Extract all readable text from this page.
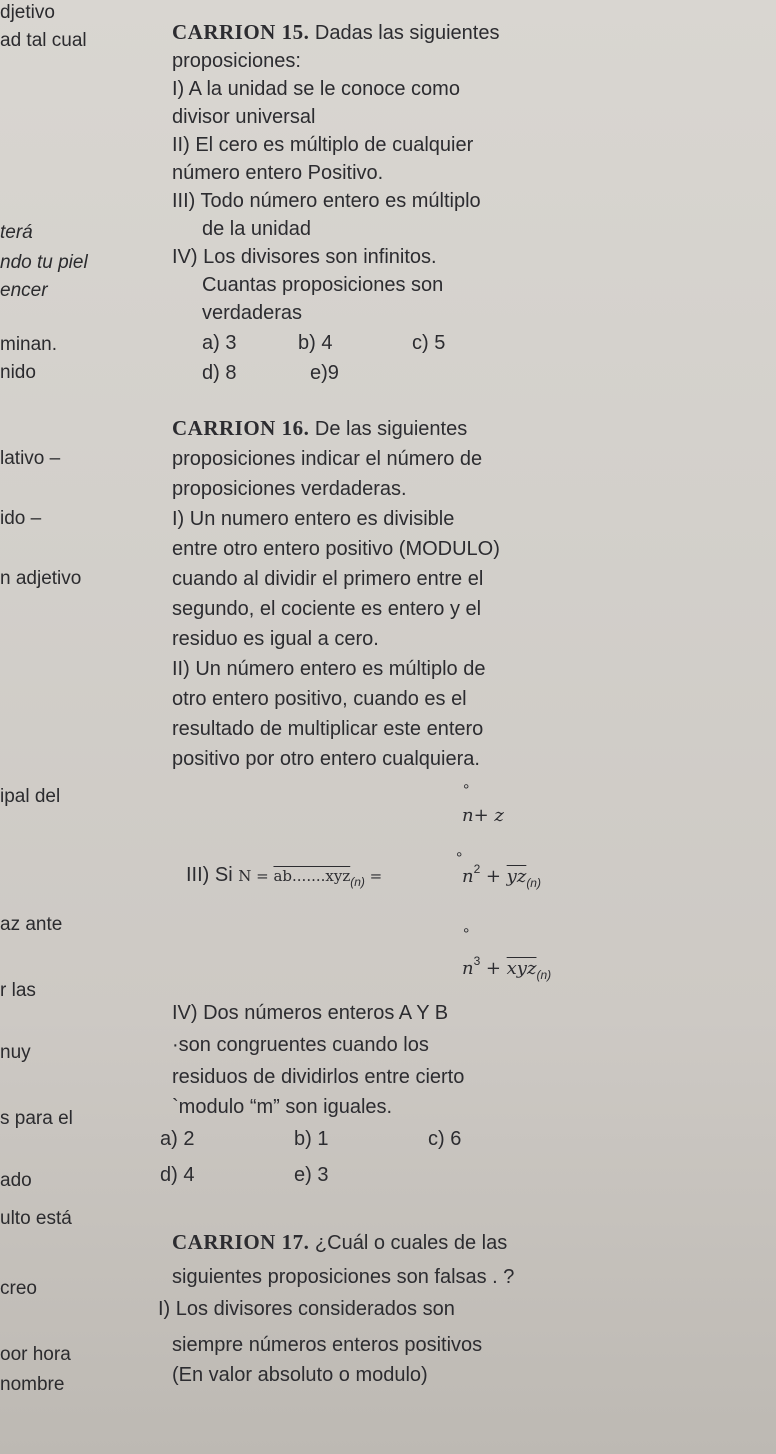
djetivo
ad tal cual
terá
ndo tu piel
encer
minan.
nido
lativo –
ido –
n adjetivo
ipal del
az ante
r las
nuy
s para el
ado
ulto está
creo
oor hora
nombre
CARRION 15. Dadas las siguientes
proposiciones:
I) A la unidad se le conoce como
divisor universal
II) El cero es múltiplo de cualquier
número entero Positivo.
III) Todo número entero es múltiplo
de la unidad
IV) Los divisores son infinitos.
Cuantas proposiciones son
verdaderas
a) 3	b) 4	c) 5
d) 8	e)9
CARRION 16. De las siguientes
proposiciones indicar el número de
proposiciones verdaderas.
I) Un numero entero es divisible
entre otro entero positivo (MODULO)
cuando al dividir el primero entre el
segundo, el cociente es entero y el
residuo es igual a cero.
II) Un número entero es múltiplo de
otro entero positivo, cuando es el
resultado de multiplicar este entero
positivo por otro entero cualquiera.
°
n+ z
III) Si N = ab.......xyz$_{(n)}$ =
°
$n^2 + \overline{yz}_{(n)}$
°
$n^3 + \overline{xyz}_{(n)}$
IV) Dos números enteros A Y B
·son congruentes cuando los
residuos de dividirlos entre cierto
`modulo “m” son iguales.
a) 2	b) 1	c) 6
d) 4	e) 3
CARRION 17. ¿Cuál o cuales de las
siguientes proposiciones son falsas . ?
I) Los divisores considerados son
siempre números enteros positivos
(En valor absoluto o modulo)
